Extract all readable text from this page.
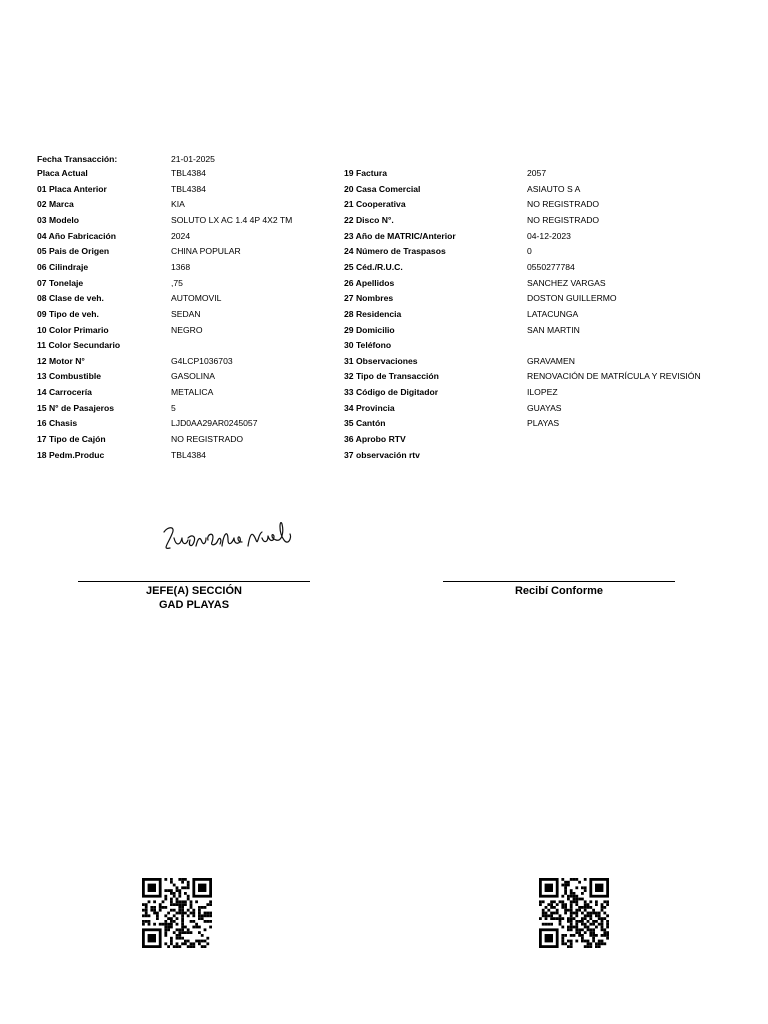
Fecha Transacción:	21-01-2025
Placa Actual	TBL4384
01 Placa Anterior	TBL4384
02 Marca	KIA
03 Modelo	SOLUTO LX AC 1.4 4P 4X2 TM
04 Año Fabricación	2024
05 Pais de Origen	CHINA POPULAR
06 Cilindraje	1368
07 Tonelaje	,75
08 Clase de veh.	AUTOMOVIL
09 Tipo de veh.	SEDAN
10 Color Primario	NEGRO
11 Color Secundario
12 Motor N°	G4LCP1036703
13 Combustible	GASOLINA
14 Carrocería	METALICA
15 N° de Pasajeros	5
16 Chasis	LJD0AA29AR0245057
17 Tipo de Cajón	NO REGISTRADO
18 Pedm.Produc	TBL4384
19 Factura	2057
20 Casa Comercial	ASIAUTO S A
21 Cooperativa	NO REGISTRADO
22 Disco N°.	NO REGISTRADO
23 Año de MATRIC/Anterior	04-12-2023
24 Número de Traspasos	0
25 Céd./R.U.C.	0550277784
26 Apellidos	SANCHEZ VARGAS
27 Nombres	DOSTON GUILLERMO
28 Residencia	LATACUNGA
29 Domicilio	SAN MARTIN
30 Teléfono
31 Observaciones	GRAVAMEN
32 Tipo de Transacción	RENOVACIÓN DE MATRÍCULA Y REVISIÓN
33 Código de Digitador	ILOPEZ
34 Provincia	GUAYAS
35 Cantón	PLAYAS
36 Aprobo RTV
37 observación rtv
JEFE(A) SECCIÓN
GAD PLAYAS
Recibí Conforme
